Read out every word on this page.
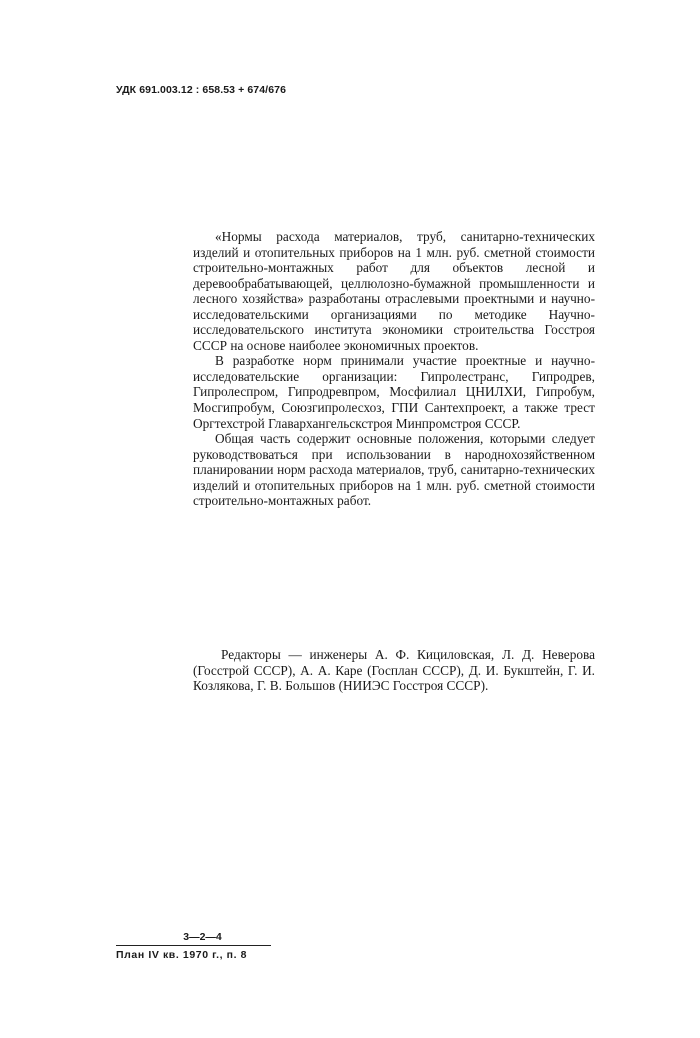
УДК 691.003.12 : 658.53 + 674/676

«Нормы расхода материалов, труб, санитарно-технических изделий и отопительных приборов на 1 млн. руб. сметной стоимости строительно-монтажных работ для объектов лесной и деревообрабатывающей, целлюлозно-бумажной промышленности и лесного хозяйства» разработаны отраслевыми проектными и научно-исследовательскими организациями по методике Научно-исследовательского института экономики строительства Госстроя СССР на основе наиболее экономичных проектов.

В разработке норм принимали участие проектные и научно-исследовательские организации: Гипролестранс, Гипродрев, Гипролеспром, Гипродревпром, Мосфилиал ЦНИЛХИ, Гипробум, Мосгипробум, Союзгипролесхоз, ГПИ Сантехпроект, а также трест Оргтехстрой Главархангельскстроя Минпромстроя СССР.

Общая часть содержит основные положения, которыми следует руководствоваться при использовании в народнохозяйственном планировании норм расхода материалов, труб, санитарно-технических изделий и отопительных приборов на 1 млн. руб. сметной стоимости строительно-монтажных работ.

Редакторы — инженеры А. Ф. Кициловская, Л. Д. Неверова (Госстрой СССР), А. А. Каре (Госплан СССР), Д. И. Букштейн, Г. И. Козлякова, Г. В. Большов (НИИЭС Госстроя СССР).

3—2—4
План IV кв. 1970 г., п. 8
